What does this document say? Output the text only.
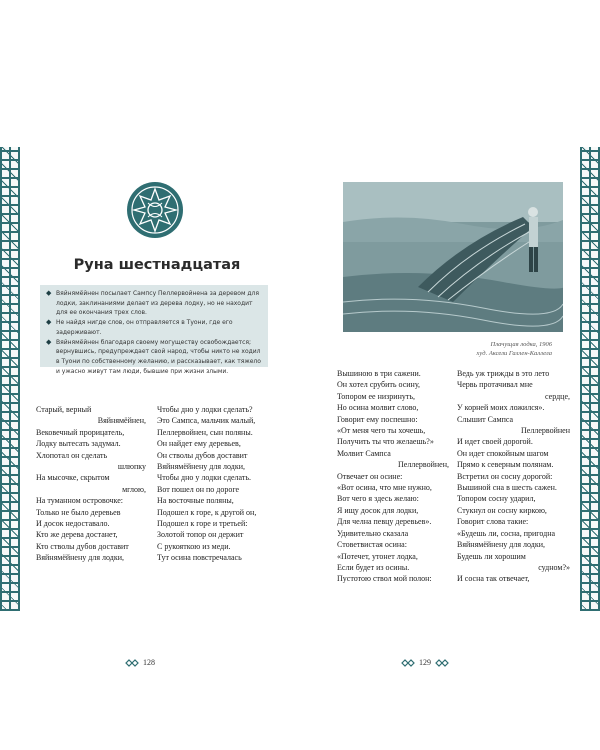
Руна шестнадцатая
◆ Вяйнямёйнен посылает Сампсу Пеллервойнена за деревом для лодки, заклинаниями делает из дерева лодку, но не находит для ее окончания трех слов.
◆ Не найдя нигде слов, он отправляется в Туони, где его задерживают.
◆ Вяйнямёйнен благодаря своему могуществу освобождается; вернувшись, предупреждает свой народ, чтобы никто не ходил в Туони по собственному желанию, и рассказывает, как тяжело и ужасно живут там люди, бывшие при жизни злыми.
Старый, верный
Вяйнямёйнен,
Вековечный прорицатель,
Лодку вытесать задумал.
Хлопотал он сделать
шлюпку
На мысочке, скрытом
мглою,
На туманном островочке:
Только не было деревьев
И досок недоставало.
Кто же дерева достанет,
Кто стволы дубов доставит
Вяйнямёйнену для лодки,
Чтобы дно у лодки сделать?
Это Сампса, мальчик малый,
Пеллервойнен, сын поляны.
Он найдет ему деревьев,
Он стволы дубов доставит
Вяйнямёйнену для лодки,
Чтобы дно у лодки сделать.
Вот пошел он по дороге
На восточные поляны,
Подошел к горе, к другой он,
Подошел к горе и третьей:
Золотой топор он держит
С рукояткою из меди.
Тут осина повстречалась
128
Плачущая лодка, 1906
худ. Аксели Галлен-Каллела
Вышиною в три сажени.
Он хотел срубить осину,
Топором ее низринуть,
Но осина молвит слово,
Говорит ему поспешно:
«От меня чего ты хочешь,
Получить ты что желаешь?»
Молвит Сампса
Пеллервойнен,
Отвечает он осине:
«Вот осина, что мне нужно,
Вот чего я здесь желаю:
Я ищу досок для лодки,
Для челна певцу деревьев».
Удивительно сказала
Стоветвистая осина:
«Потечет, утонет лодка,
Если будет из осины.
Пустотою ствол мой полон:
Ведь уж трижды в это лето
Червь протачивал мне
сердце,
У корней моих ложился».
Слышит Сампса
Пеллервойнен
И идет своей дорогой.
Он идет спокойным шагом
Прямо к северным полянам.
Встретил он сосну дорогой:
Вышиной сна в шесть сажен.
Топором сосну ударил,
Стукнул он сосну киркою,
Говорит слова такие:
«Будешь ли, сосна, пригодна
Вяйнямёйнену для лодки,
Будешь ли хорошим
судном?»
И сосна так отвечает,
129
